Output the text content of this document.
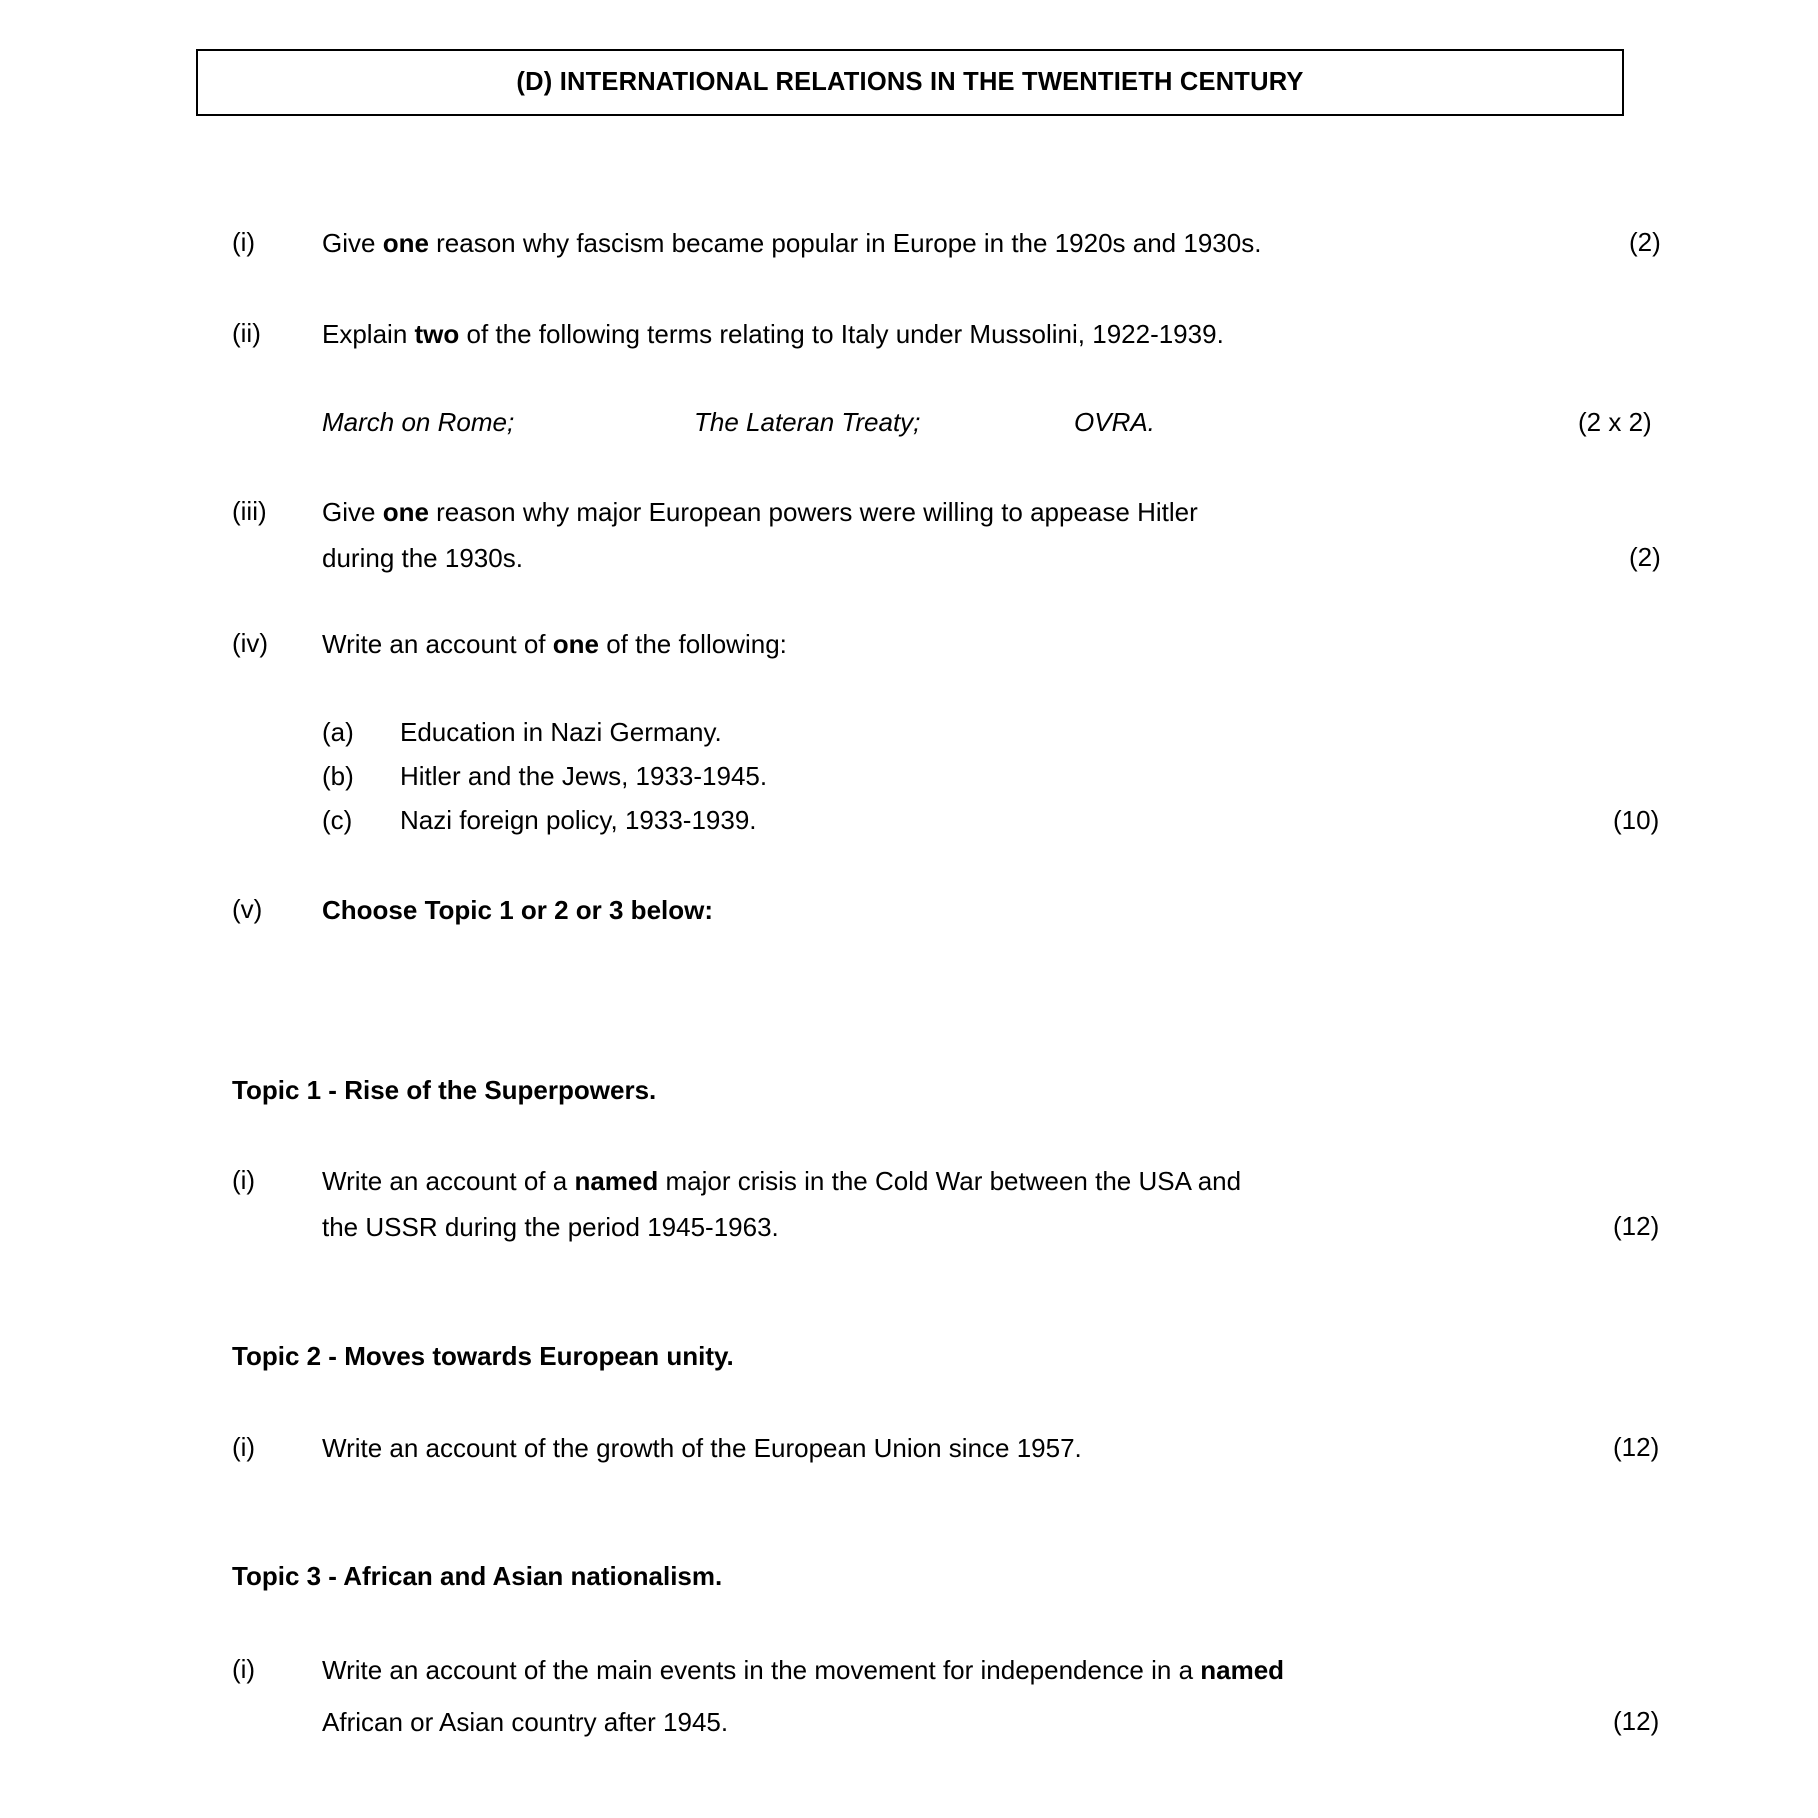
(D) INTERNATIONAL RELATIONS IN THE TWENTIETH CENTURY
(i)	Give one reason why fascism became popular in Europe in the 1920s and 1930s.	(2)
(ii) Explain two of the following terms relating to Italy under Mussolini, 1922-1939.
March on Rome;	The Lateran Treaty;	OVRA.	(2 x 2)
(iii) Give one reason why major European powers were willing to appease Hitler
during the 1930s.	(2)
(iv) Write an account of one of the following:
(a) Education in Nazi Germany.
(b) Hitler and the Jews, 1933-1945.
(c) Nazi foreign policy, 1933-1939.	(10)
(v) Choose Topic 1 or 2 or 3 below:
Topic 1 - Rise of the Superpowers.
(i)	Write an account of a named major crisis in the Cold War between the USA and
the USSR during the period 1945-1963.	(12)
Topic 2 - Moves towards European unity.
(i)	Write an account of the growth of the European Union since 1957.	(12)
Topic 3 - African and Asian nationalism.
(i)	Write an account of the main events in the movement for independence in a named
African or Asian country after 1945.	(12)
